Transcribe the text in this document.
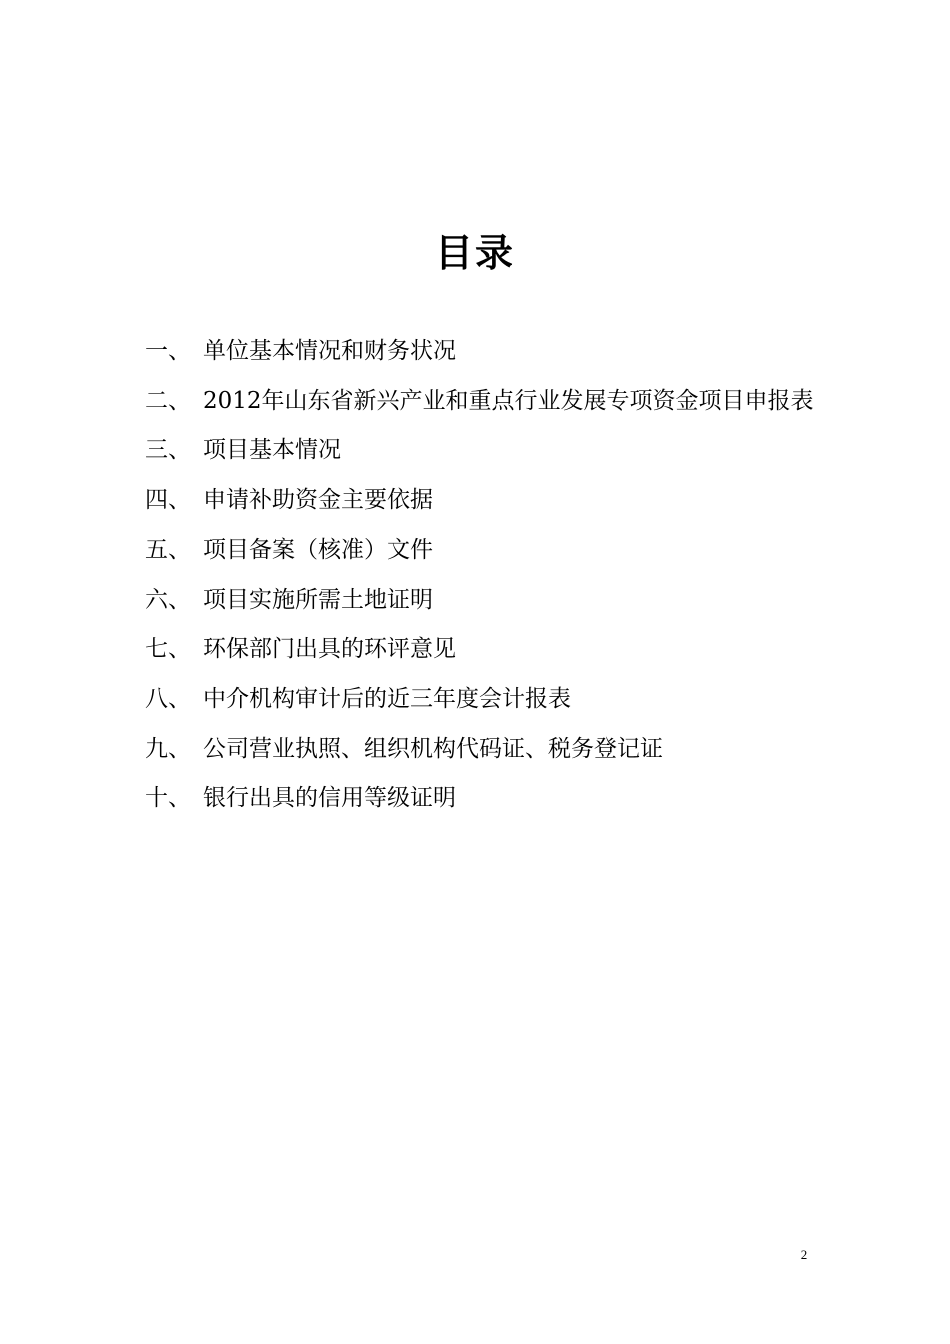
目录
一、 单位基本情况和财务状况
二、 2012年山东省新兴产业和重点行业发展专项资金项目申报表
三、 项目基本情况
四、 申请补助资金主要依据
五、 项目备案（核准）文件
六、 项目实施所需土地证明
七、 环保部门出具的环评意见
八、 中介机构审计后的近三年度会计报表
九、 公司营业执照、组织机构代码证、税务登记证
十、 银行出具的信用等级证明
2
